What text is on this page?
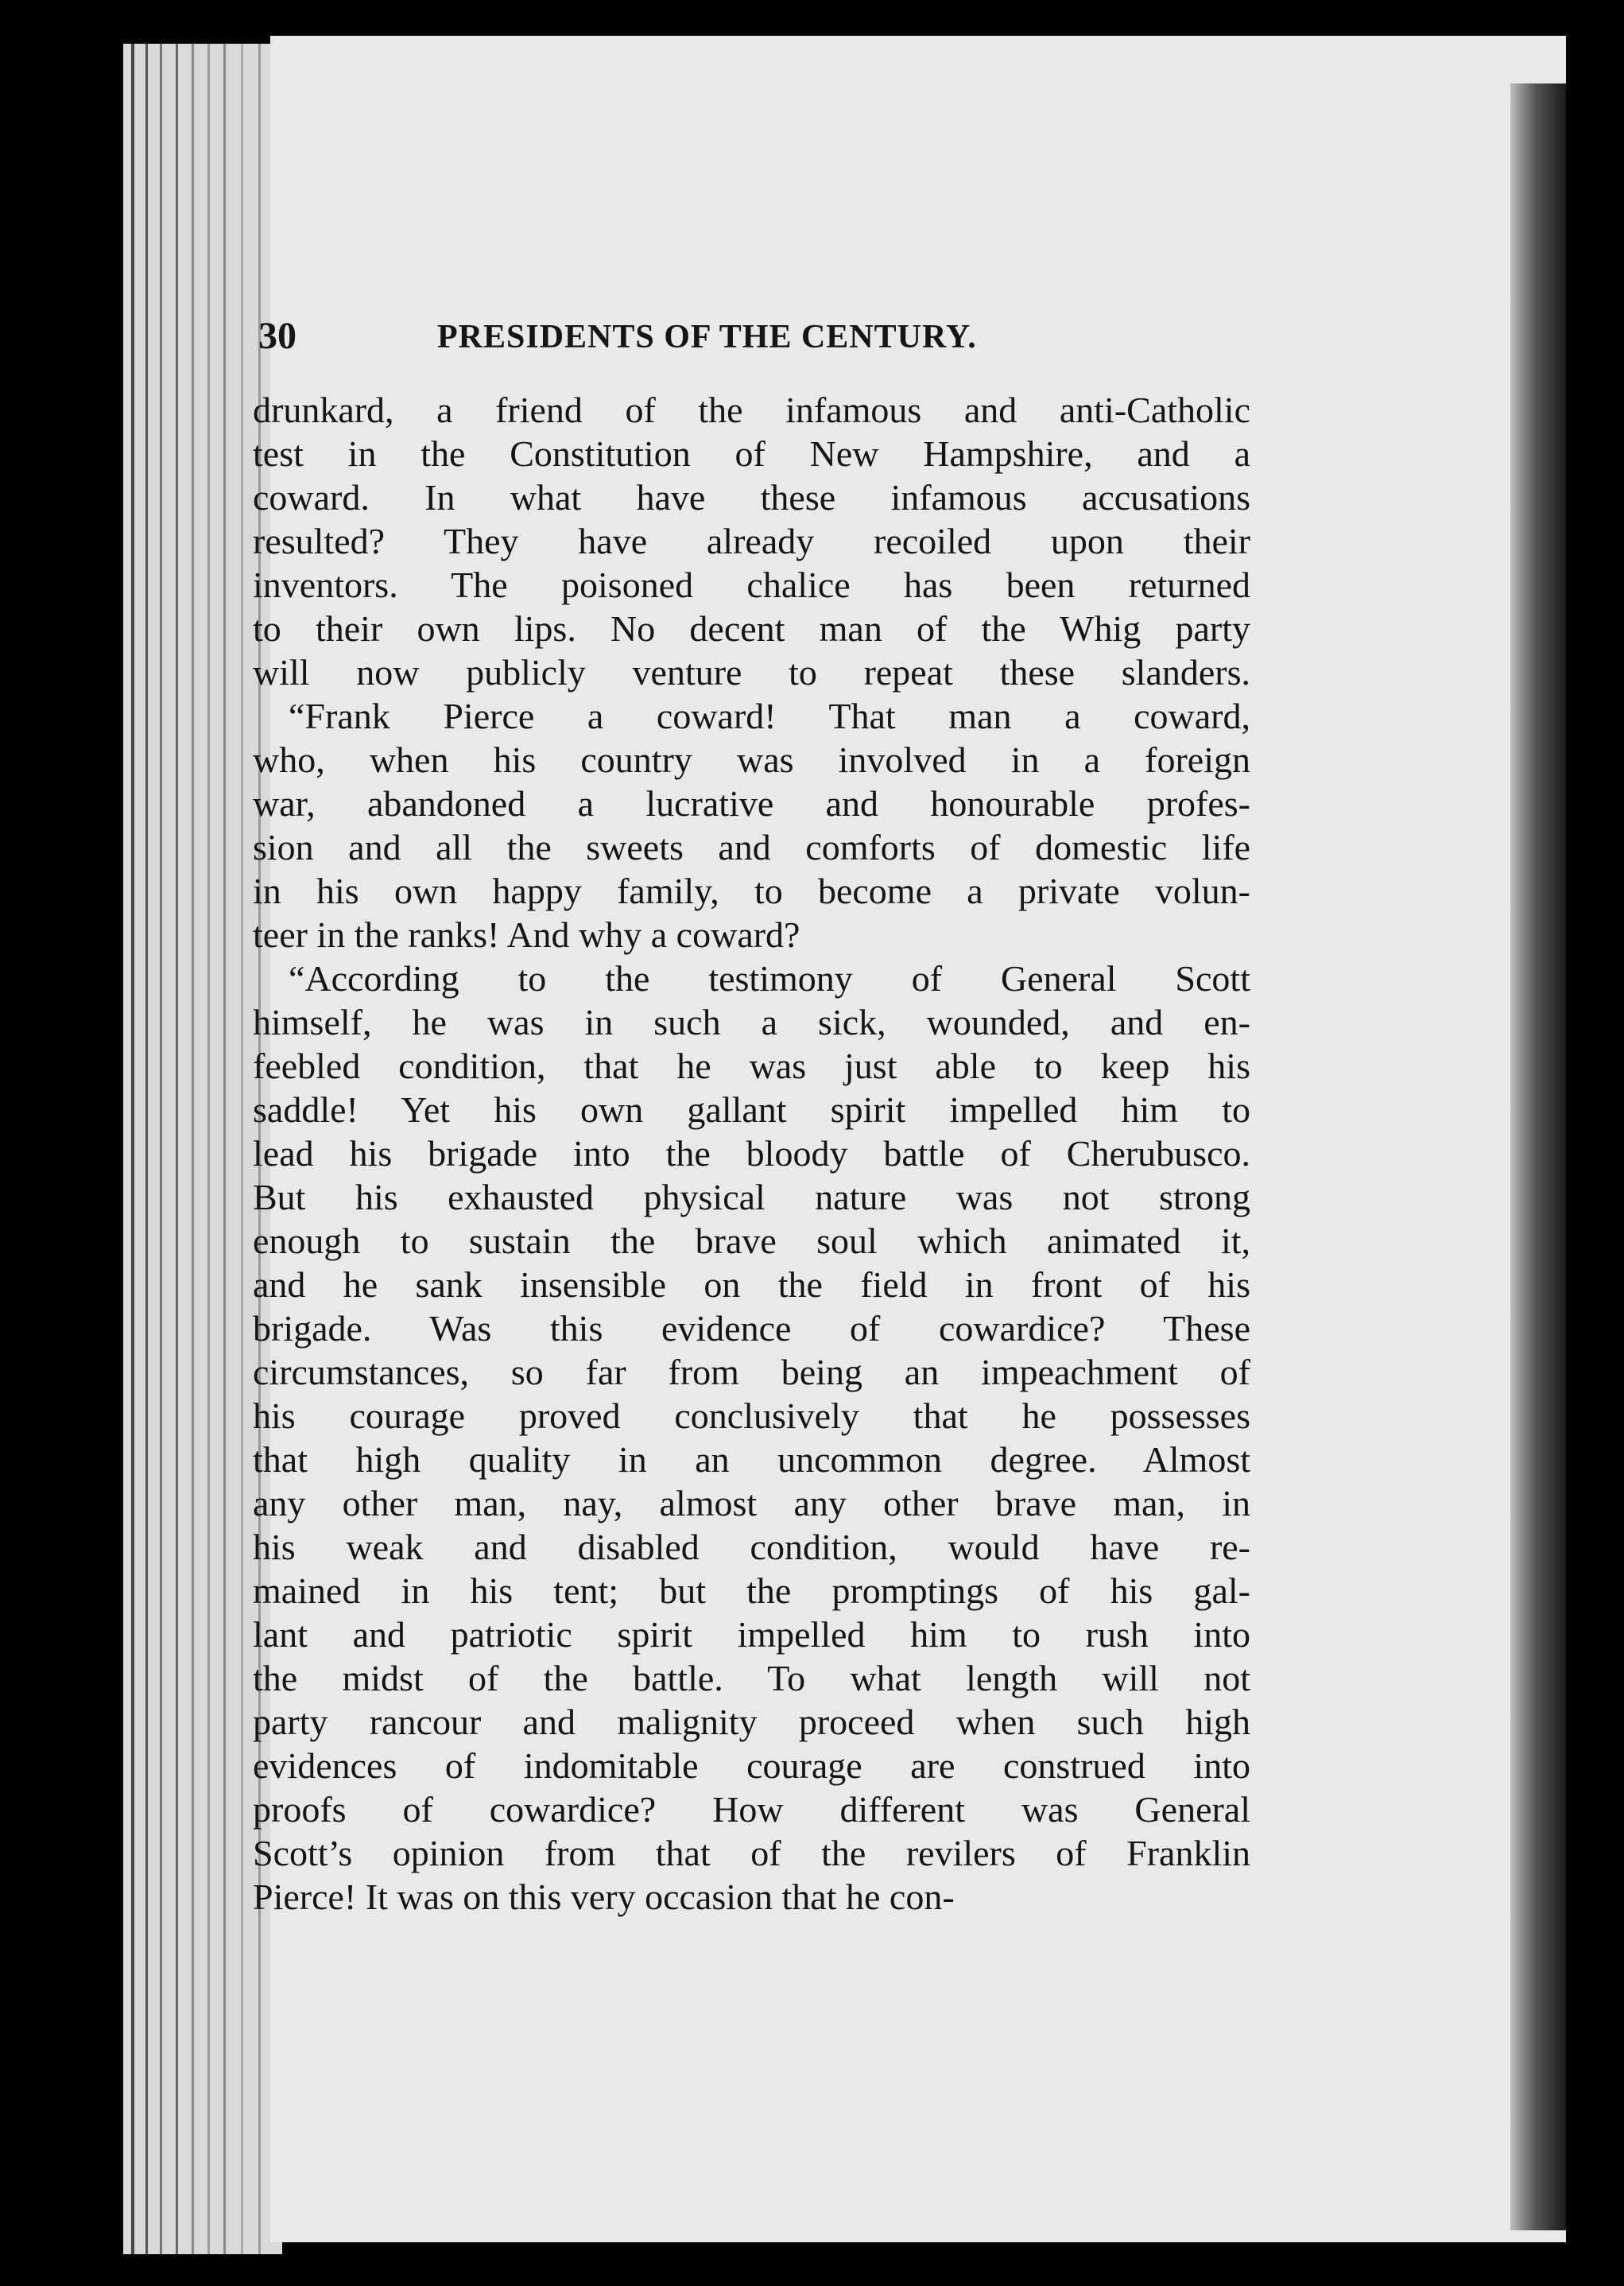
30	PRESIDENTS OF THE CENTURY.
drunkard, a friend of the infamous and anti-Catholic
test in the Constitution of New Hampshire, and a
coward. In what have these infamous accusations
resulted? They have already recoiled upon their
inventors. The poisoned chalice has been returned
to their own lips. No decent man of the Whig party
will now publicly venture to repeat these slanders.
“Frank Pierce a coward! That man a coward,
who, when his country was involved in a foreign
war, abandoned a lucrative and honourable profes-
sion and all the sweets and comforts of domestic life
in his own happy family, to become a private volun-
teer in the ranks! And why a coward?
“According to the testimony of General Scott
himself, he was in such a sick, wounded, and en-
feebled condition, that he was just able to keep his
saddle! Yet his own gallant spirit impelled him to
lead his brigade into the bloody battle of Cherubusco.
But his exhausted physical nature was not strong
enough to sustain the brave soul which animated it,
and he sank insensible on the field in front of his
brigade. Was this evidence of cowardice? These
circumstances, so far from being an impeachment of
his courage proved conclusively that he possesses
that high quality in an uncommon degree. Almost
any other man, nay, almost any other brave man, in
his weak and disabled condition, would have re-
mained in his tent; but the promptings of his gal-
lant and patriotic spirit impelled him to rush into
the midst of the battle. To what length will not
party rancour and malignity proceed when such high
evidences of indomitable courage are construed into
proofs of cowardice? How different was General
Scott’s opinion from that of the revilers of Franklin
Pierce! It was on this very occasion that he con-
